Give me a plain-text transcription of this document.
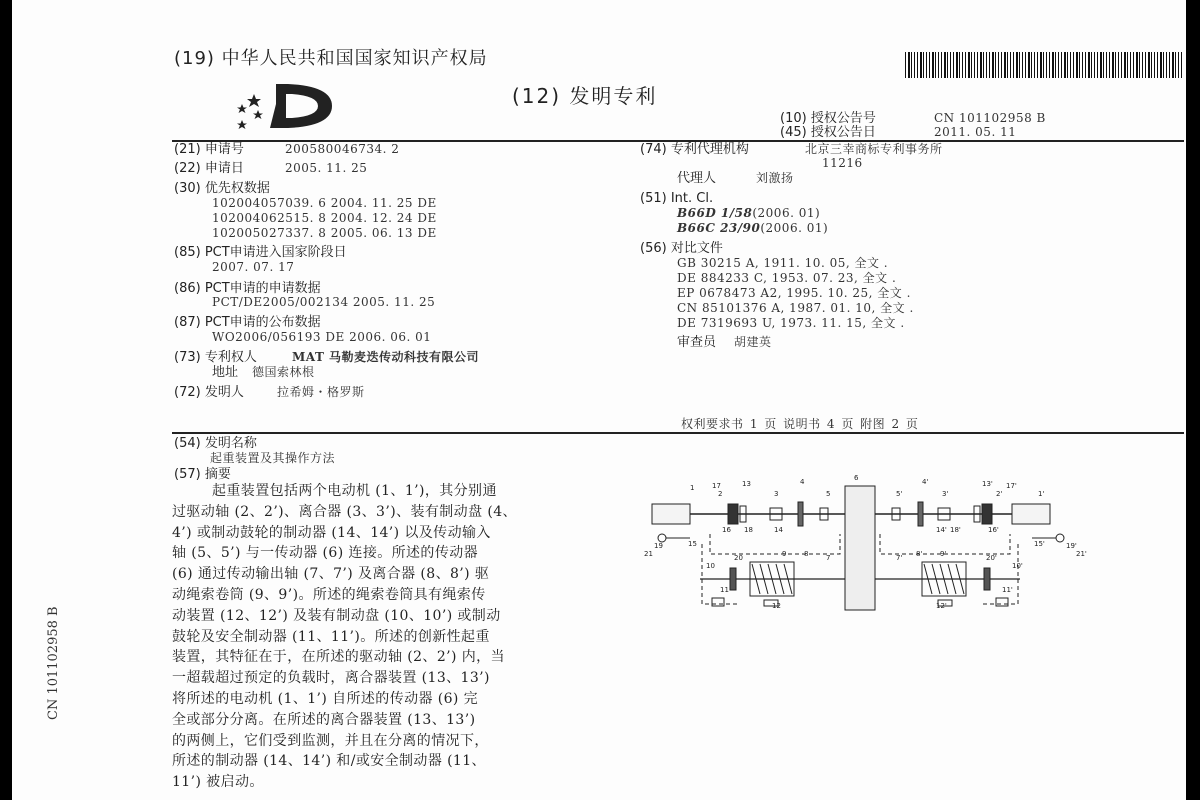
(19) 中华人民共和国国家知识产权局
(12) 发明专利
(10) 授权公告号	CN 101102958 B
(45) 授权公告日	2011. 05. 11
(21) 申请号	200580046734. 2
(22) 申请日	2005. 11. 25
(30) 优先权数据
102004057039. 6 2004. 11. 25 DE
102004062515. 8 2004. 12. 24 DE
102005027337. 8 2005. 06. 13 DE
(85) PCT申请进入国家阶段日
2007. 07. 17
(86) PCT申请的申请数据
PCT/DE2005/002134 2005. 11. 25
(87) PCT申请的公布数据
WO2006/056193 DE 2006. 06. 01
(73) 专利权人	MAT 马勒麦迭传动科技有限公司
地址 德国索林根
(72) 发明人	拉希姆・格罗斯
(74) 专利代理机构	北京三幸商标专利事务所
11216
代理人	刘激扬
(51) Int. Cl.
B66D 1/58(2006. 01)
B66C 23/90(2006. 01)
(56) 对比文件
GB 30215 A, 1911. 10. 05, 全文 .
DE 884233 C, 1953. 07. 23, 全文 .
EP 0678473 A2, 1995. 10. 25, 全文 .
CN 85101376 A, 1987. 01. 10, 全文 .
DE 7319693 U, 1973. 11. 15, 全文 .
审查员 胡建英
权利要求书 1 页 说明书 4 页 附图 2 页
(54) 发明名称
起重装置及其操作方法
(57) 摘要
起重装置包括两个电动机 (1、1’)，其分别通
过驱动轴 (2、2’)、离合器 (3、3’)、装有制动盘 (4、
4’) 或制动鼓轮的制动器 (14、14’) 以及传动输入
轴 (5、5’) 与一传动器 (6) 连接。所述的传动器
(6) 通过传动输出轴 (7、7’) 及离合器 (8、8’) 驱
动绳索卷筒 (9、9’)。所述的绳索卷筒具有绳索传
动装置 (12、12’) 及装有制动盘 (10、10’) 或制动
鼓轮及安全制动器 (11、11’)。所述的创新性起重
装置，其特征在于，在所述的驱动轴 (2、2’) 内，当
一超载超过预定的负载时，离合器装置 (13、13’)
将所述的电动机 (1、1’) 自所述的传动器 (6) 完
全或部分分离。在所述的离合器装置 (13、13’)
的两侧上，它们受到监测，并且在分离的情况下，
所述的制动器 (14、14’) 和/或安全制动器 (11、
11’) 被启动。
CN 101102958 B
1
2
17	13
3
4
5
6
5'
4'
3'
13' 17'
2'	1'
18	18'
14	14'
16	16'
19	19'
15	15'
21	21'
20	20'
9	9'
8	8'
7	7'
10	10'
11	11'
12	12'
